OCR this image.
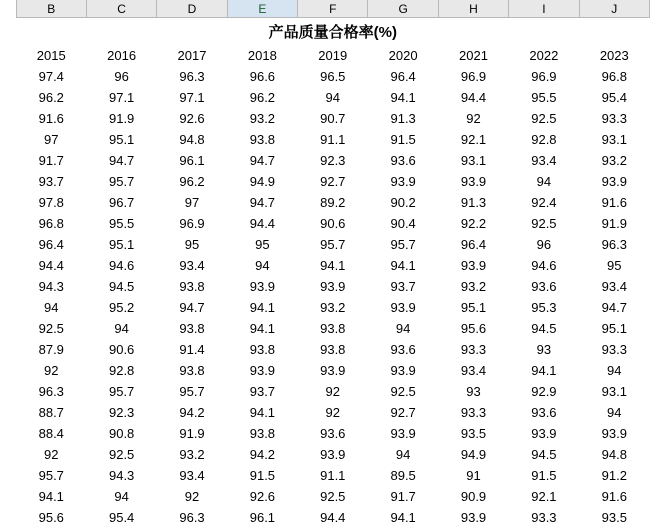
	B	C	D	E	F	G	H	I	J
	产品质量合格率(%)								
	2015	2016	2017	2018	2019	2020	2021	2022	2023
	97.4	96	96.3	96.6	96.5	96.4	96.9	96.9	96.8
	96.2	97.1	97.1	96.2	94	94.1	94.4	95.5	95.4
	91.6	91.9	92.6	93.2	90.7	91.3	92	92.5	93.3
	97	95.1	94.8	93.8	91.1	91.5	92.1	92.8	93.1
	91.7	94.7	96.1	94.7	92.3	93.6	93.1	93.4	93.2
	93.7	95.7	96.2	94.9	92.7	93.9	93.9	94	93.9
	97.8	96.7	97	94.7	89.2	90.2	91.3	92.4	91.6
	96.8	95.5	96.9	94.4	90.6	90.4	92.2	92.5	91.9
	96.4	95.1	95	95	95.7	95.7	96.4	96	96.3
	94.4	94.6	93.4	94	94.1	94.1	93.9	94.6	95
	94.3	94.5	93.8	93.9	93.9	93.7	93.2	93.6	93.4
	94	95.2	94.7	94.1	93.2	93.9	95.1	95.3	94.7
	92.5	94	93.8	94.1	93.8	94	95.6	94.5	95.1
	87.9	90.6	91.4	93.8	93.8	93.6	93.3	93	93.3
	92	92.8	93.8	93.9	93.9	93.9	93.4	94.1	94
	96.3	95.7	95.7	93.7	92	92.5	93	92.9	93.1
	88.7	92.3	94.2	94.1	92	92.7	93.3	93.6	94
	88.4	90.8	91.9	93.8	93.6	93.9	93.5	93.9	93.9
	92	92.5	93.2	94.2	93.9	94	94.9	94.5	94.8
	95.7	94.3	93.4	91.5	91.1	89.5	91	91.5	91.2
	94.1	94	92	92.6	92.5	91.7	90.9	92.1	91.6
	95.6	95.4	96.3	96.1	94.4	94.1	93.9	93.3	93.5
